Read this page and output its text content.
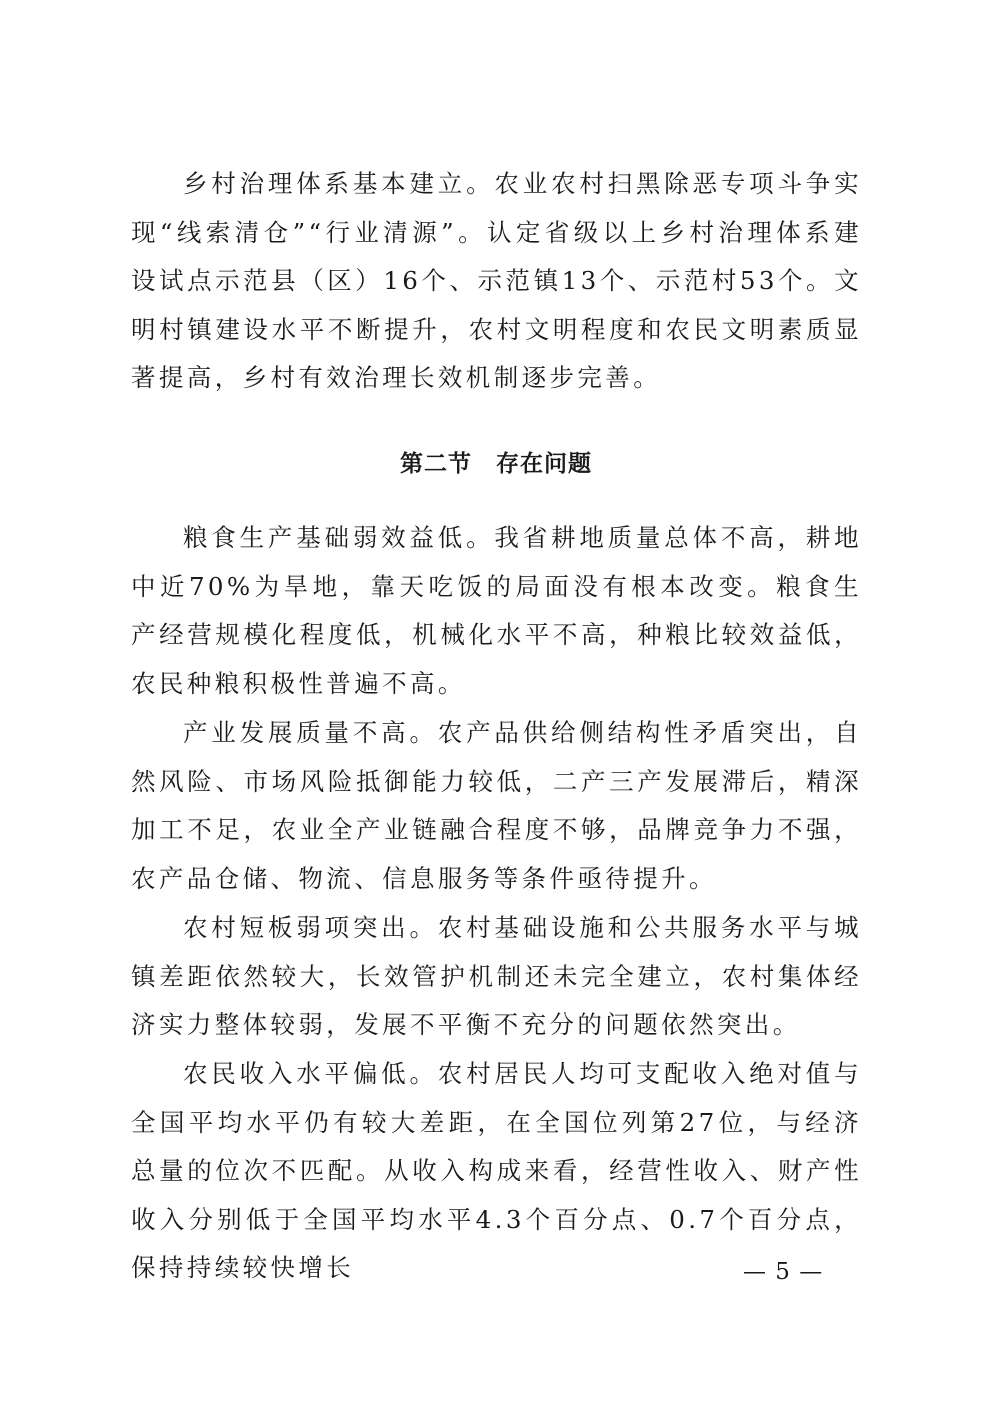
乡村治理体系基本建立。农业农村扫黑除恶专项斗争实现“线索清仓”“行业清源”。认定省级以上乡村治理体系建设试点示范县（区）16个、示范镇13个、示范村53个。文明村镇建设水平不断提升，农村文明程度和农民文明素质显著提高，乡村有效治理长效机制逐步完善。

第二节　存在问题

粮食生产基础弱效益低。我省耕地质量总体不高，耕地中近70%为旱地，靠天吃饭的局面没有根本改变。粮食生产经营规模化程度低，机械化水平不高，种粮比较效益低，农民种粮积极性普遍不高。

产业发展质量不高。农产品供给侧结构性矛盾突出，自然风险、市场风险抵御能力较低，二产三产发展滞后，精深加工不足，农业全产业链融合程度不够，品牌竞争力不强，农产品仓储、物流、信息服务等条件亟待提升。

农村短板弱项突出。农村基础设施和公共服务水平与城镇差距依然较大，长效管护机制还未完全建立，农村集体经济实力整体较弱，发展不平衡不充分的问题依然突出。

农民收入水平偏低。农村居民人均可支配收入绝对值与全国平均水平仍有较大差距，在全国位列第27位，与经济总量的位次不匹配。从收入构成来看，经营性收入、财产性收入分别低于全国平均水平4.3个百分点、0.7个百分点，保持持续较快增长	— 5 —
